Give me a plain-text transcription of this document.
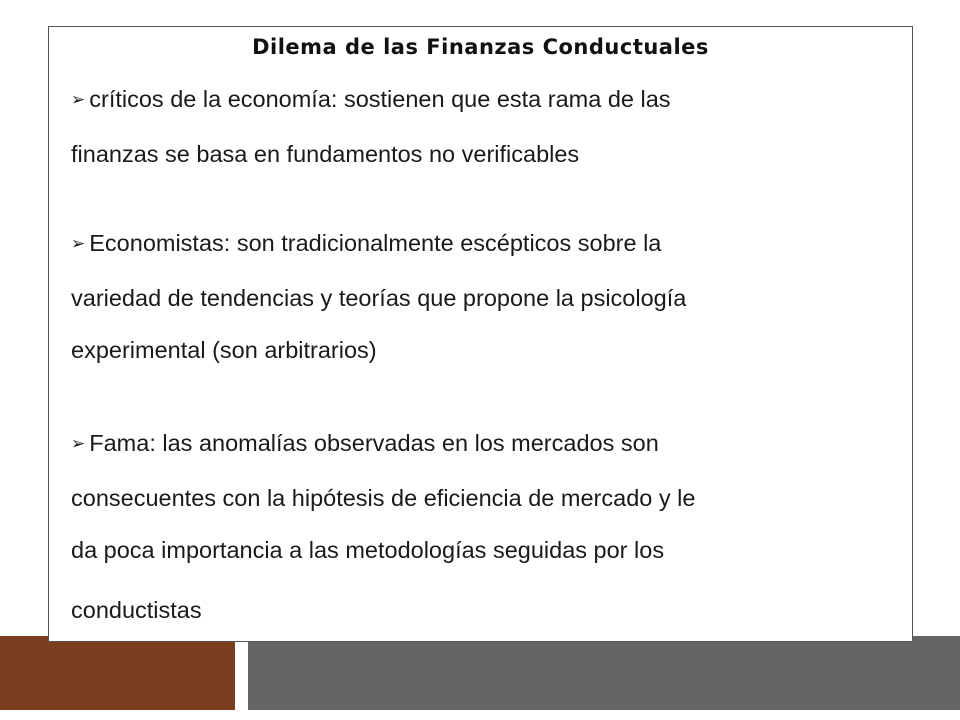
Dilema de las Finanzas Conductuales

➢ críticos de la economía: sostienen que esta rama de las
finanzas se basa en fundamentos no verificables

➢ Economistas: son tradicionalmente escépticos sobre la
variedad de tendencias y teorías que propone la psicología
experimental (son arbitrarios)

➢ Fama: las anomalías observadas en los mercados son
consecuentes con la hipótesis de eficiencia de mercado y le
da poca importancia a las metodologías seguidas por los
conductistas
